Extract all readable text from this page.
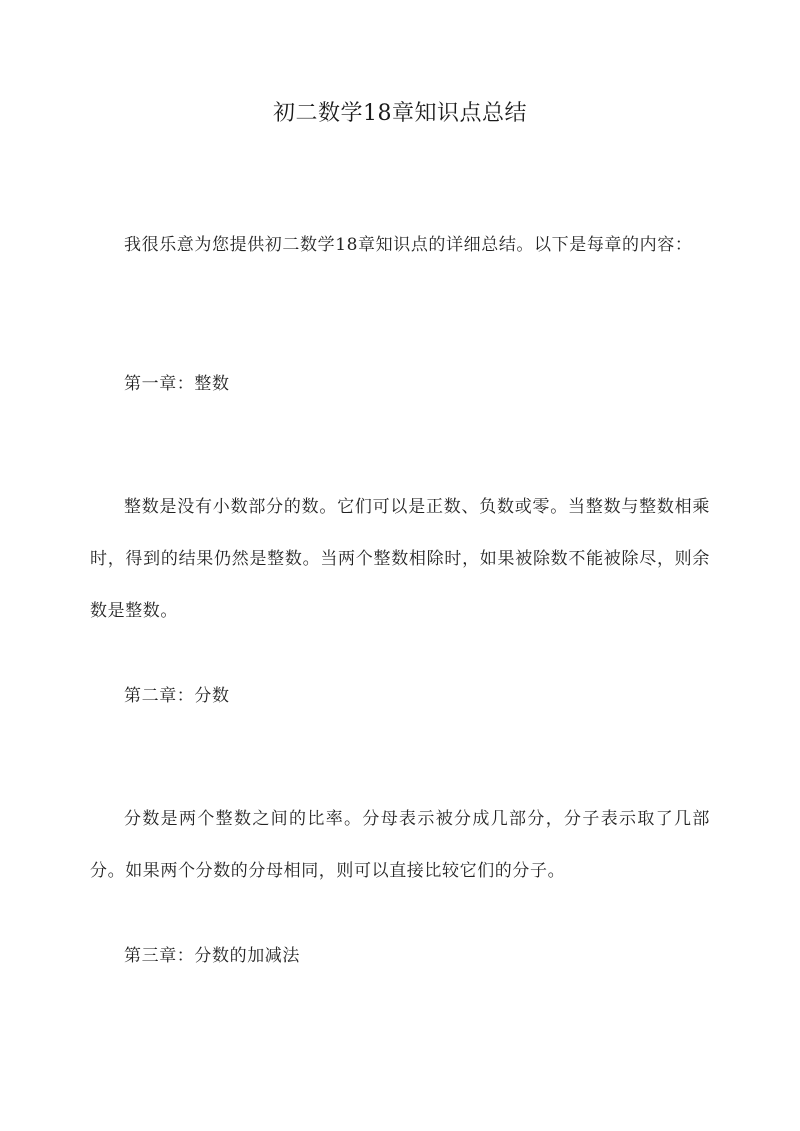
初二数学18章知识点总结

我很乐意为您提供初二数学18章知识点的详细总结。以下是每章的内容：

第一章：整数

整数是没有小数部分的数。它们可以是正数、负数或零。当整数与整数相乘时，得到的结果仍然是整数。当两个整数相除时，如果被除数不能被除尽，则余数是整数。

第二章：分数

分数是两个整数之间的比率。分母表示被分成几部分，分子表示取了几部分。如果两个分数的分母相同，则可以直接比较它们的分子。

第三章：分数的加减法
